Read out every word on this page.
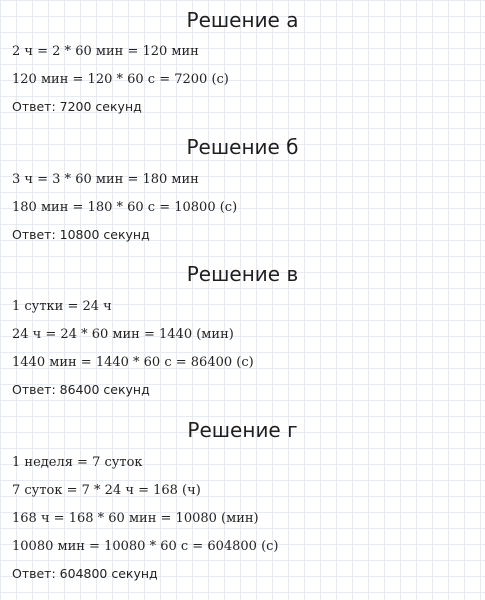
Решение а
2 ч = 2 * 60 мин = 120 мин
120 мин = 120 * 60 с = 7200 (с)
Ответ: 7200 секунд
Решение б
3 ч = 3 * 60 мин = 180 мин
180 мин = 180 * 60 с = 10800 (с)
Ответ: 10800 секунд
Решение в
1 сутки = 24 ч
24 ч = 24 * 60 мин = 1440 (мин)
1440 мин = 1440 * 60 с = 86400 (с)
Ответ: 86400 секунд
Решение г
1 неделя = 7 суток
7 суток = 7 * 24 ч = 168 (ч)
168 ч = 168 * 60 мин = 10080 (мин)
10080 мин = 10080 * 60 с = 604800 (с)
Ответ: 604800 секунд
